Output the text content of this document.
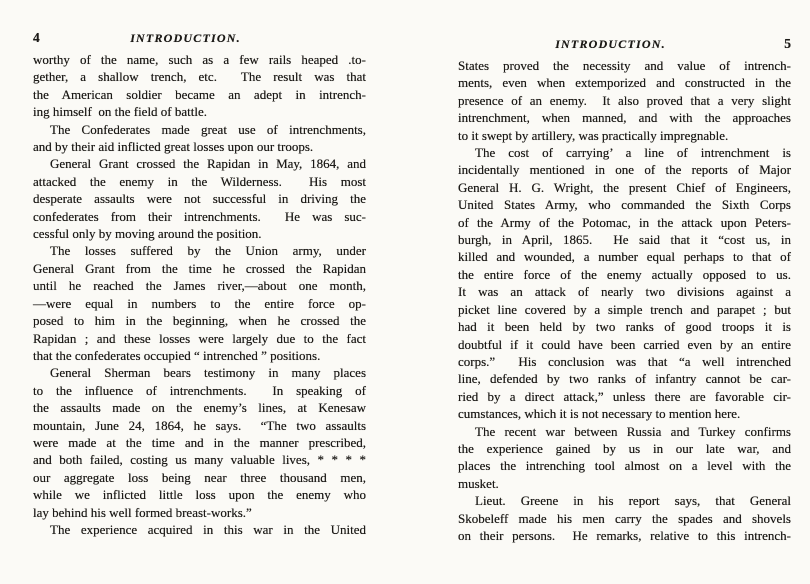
4	INTRODUCTION.
worthy of the name, such as a few rails heaped .to-
gether, a shallow trench, etc.  The result was that
the American soldier became an adept in intrench-
ing himself  on the field of battle.
The Confederates made great use of intrenchments,
and by their aid inflicted great losses upon our troops.
General Grant crossed the Rapidan in May, 1864, and
attacked the enemy in the Wilderness.  His most
desperate assaults were not successful in driving the
confederates from their intrenchments.  He was suc-
cessful only by moving around the position.
The losses suffered by the Union army, under
General Grant from the time he crossed the Rapidan
until he reached the James river,—about one month,
—were equal in numbers to the entire force op-
posed to him in the beginning, when he crossed the
Rapidan ; and these losses were largely due to the fact
that the confederates occupied “ intrenched ” positions.
General Sherman bears testimony in many places
to the influence of intrenchments.  In speaking of
the assaults made on the enemy’s lines, at Kenesaw
mountain, June 24, 1864, he says.  “The two assaults
were made at the time and in the manner prescribed,
and both failed, costing us many valuable lives, * * * *
our aggregate loss being near three thousand men,
while we inflicted little loss upon the enemy who
lay behind his well formed breast-works.”
The experience acquired in this war in the United
INTRODUCTION.	5
States proved the necessity and value of intrench-
ments, even when extemporized and constructed in the
presence of an enemy.  It also proved that a very slight
intrenchment, when manned, and with the approaches
to it swept by artillery, was practically impregnable.
The cost of carrying’ a line of intrenchment is
incidentally mentioned in one of the reports of Major
General H. G. Wright, the present Chief of Engineers,
United States Army, who commanded the Sixth Corps
of the Army of the Potomac, in the attack upon Peters-
burgh, in April, 1865.  He said that it “cost us, in
killed and wounded, a number equal perhaps to that of
the entire force of the enemy actually opposed to us.
It was an attack of nearly two divisions against a
picket line covered by a simple trench and parapet ; but
had it been held by two ranks of good troops it is
doubtful if it could have been carried even by an entire
corps.”  His conclusion was that “a well intrenched
line, defended by two ranks of infantry cannot be car-
ried by a direct attack,” unless there are favorable cir-
cumstances, which it is not necessary to mention here.
The recent war between Russia and Turkey confirms
the experience gained by us in our late war, and
places the intrenching tool almost on a level with the
musket.
Lieut. Greene in his report says, that General
Skobeleff made his men carry the spades and shovels
on their persons.  He remarks, relative to this intrench-
